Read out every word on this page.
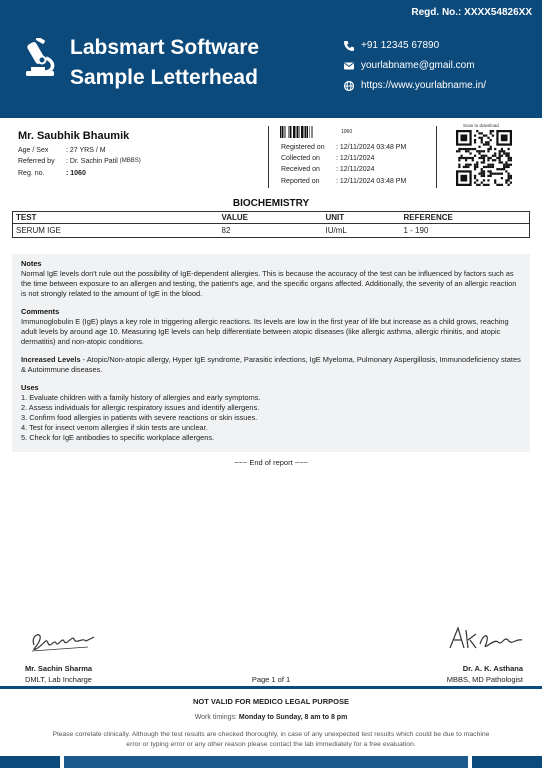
Regd. No.: XXXX54826XX
Labsmart Software
Sample Letterhead
+91 12345 67890
yourlabname@gmail.com
https://www.yourlabname.in/
Mr. Saubhik Bhaumik
Age / Sex	: 27 YRS / M
Referred by	: Dr. Sachin Patil (MBBS)
Reg. no.	: 1060
1060
Registered on	: 12/11/2024 03:48 PM
Collected on	: 12/11/2024
Received on	: 12/11/2024
Reported on	: 12/11/2024 03:48 PM
Scan to download
BIOCHEMISTRY
TEST	VALUE	UNIT	REFERENCE
SERUM IGE	82	IU/mL	1 - 190
Notes
Normal IgE levels don't rule out the possibility of IgE-dependent allergies. This is because the accuracy of the test can be influenced by factors such as the time between exposure to an allergen and testing, the patient's age, and the specific organs affected. Additionally, the severity of an allergic reaction is not strongly related to the amount of IgE in the blood.
Comments
Immunoglobulin E (IgE) plays a key role in triggering allergic reactions. Its levels are low in the first year of life but increase as a child grows, reaching adult levels by around age 10. Measuring IgE levels can help differentiate between atopic diseases (like allergic asthma, allergic rhinitis, and atopic dermatitis) and non-atopic conditions.
Increased Levels - Atopic/Non-atopic allergy, Hyper IgE syndrome, Parasitic infections, IgE Myeloma, Pulmonary Aspergillosis, Immunodeficiency states & Autoimmune diseases.
Uses
1. Evaluate children with a family history of allergies and early symptoms.
2. Assess individuals for allergic respiratory issues and identify allergens.
3. Confirm food allergies in patients with severe reactions or skin issues.
4. Test for insect venom allergies if skin tests are unclear.
5. Check for IgE antibodies to specific workplace allergens.
~~~ End of report ~~~
Mr. Sachin Sharma
DMLT, Lab Incharge
Dr. A. K. Asthana
MBBS, MD Pathologist
Page 1 of 1
NOT VALID FOR MEDICO LEGAL PURPOSE
Work timings: Monday to Sunday, 8 am to 8 pm
Please correlate clinically. Although the test results are checked thoroughly, in case of any unexpected test results which could be due to machine error or typing error or any other reason please contact the lab immediately for a free evaluation.
